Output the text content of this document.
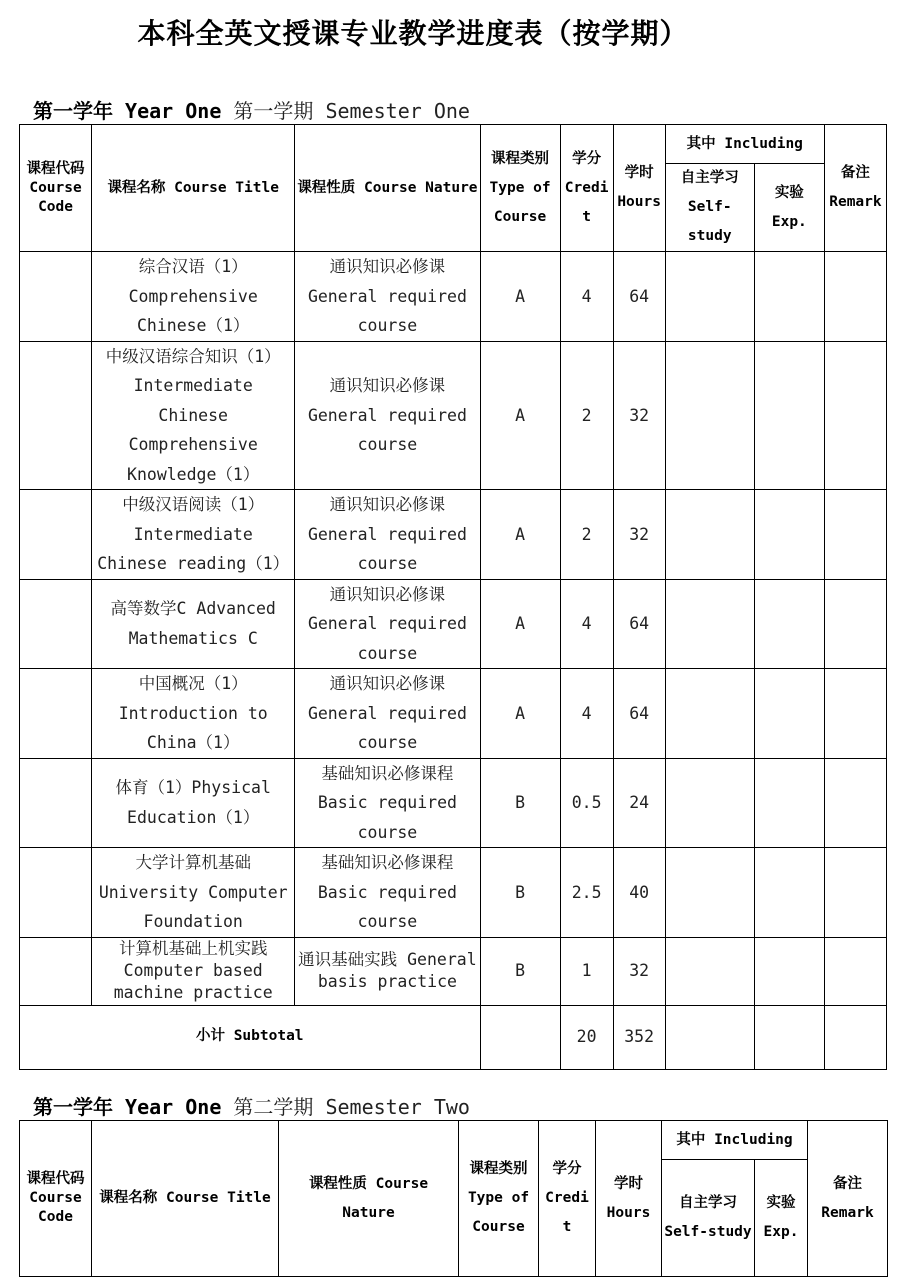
本科全英文授课专业教学进度表（按学期）
第一学年 Year One 第一学期 Semester One
课程代码 Course Code	课程名称 Course Title	课程性质 Course Nature	课程类别 Type of Course	学分 Credit	学时 Hours	其中 Including		备注 Remark
						自主学习 Self-study	实验 Exp.	
	综合汉语（1） Comprehensive Chinese（1）	通识知识必修课 General required course	A	4	64			
	中级汉语综合知识（1）Intermediate Chinese Comprehensive Knowledge（1）	通识知识必修课 General required course	A	2	32			
	中级汉语阅读（1） Intermediate Chinese reading（1）	通识知识必修课 General required course	A	2	32			
	高等数学C Advanced Mathematics C	通识知识必修课 General required course	A	4	64			
	中国概况（1） Introduction to China（1）	通识知识必修课 General required course	A	4	64			
	体育（1）Physical Education（1）	基础知识必修课程 Basic required course	B	0.5	24			
	大学计算机基础 University Computer Foundation	基础知识必修课程 Basic required course	B	2.5	40			
	计算机基础上机实践 Computer based machine practice	通识基础实践 General basis practice	B	1	32			
小计 Subtotal				20	352			
第一学年 Year One 第二学期 Semester Two
课程代码 Course Code	课程名称 Course Title	课程性质 Course Nature	课程类别 Type of Course	学分 Credit	学时 Hours	其中 Including		备注 Remark
						自主学习 Self-study	实验 Exp.	
